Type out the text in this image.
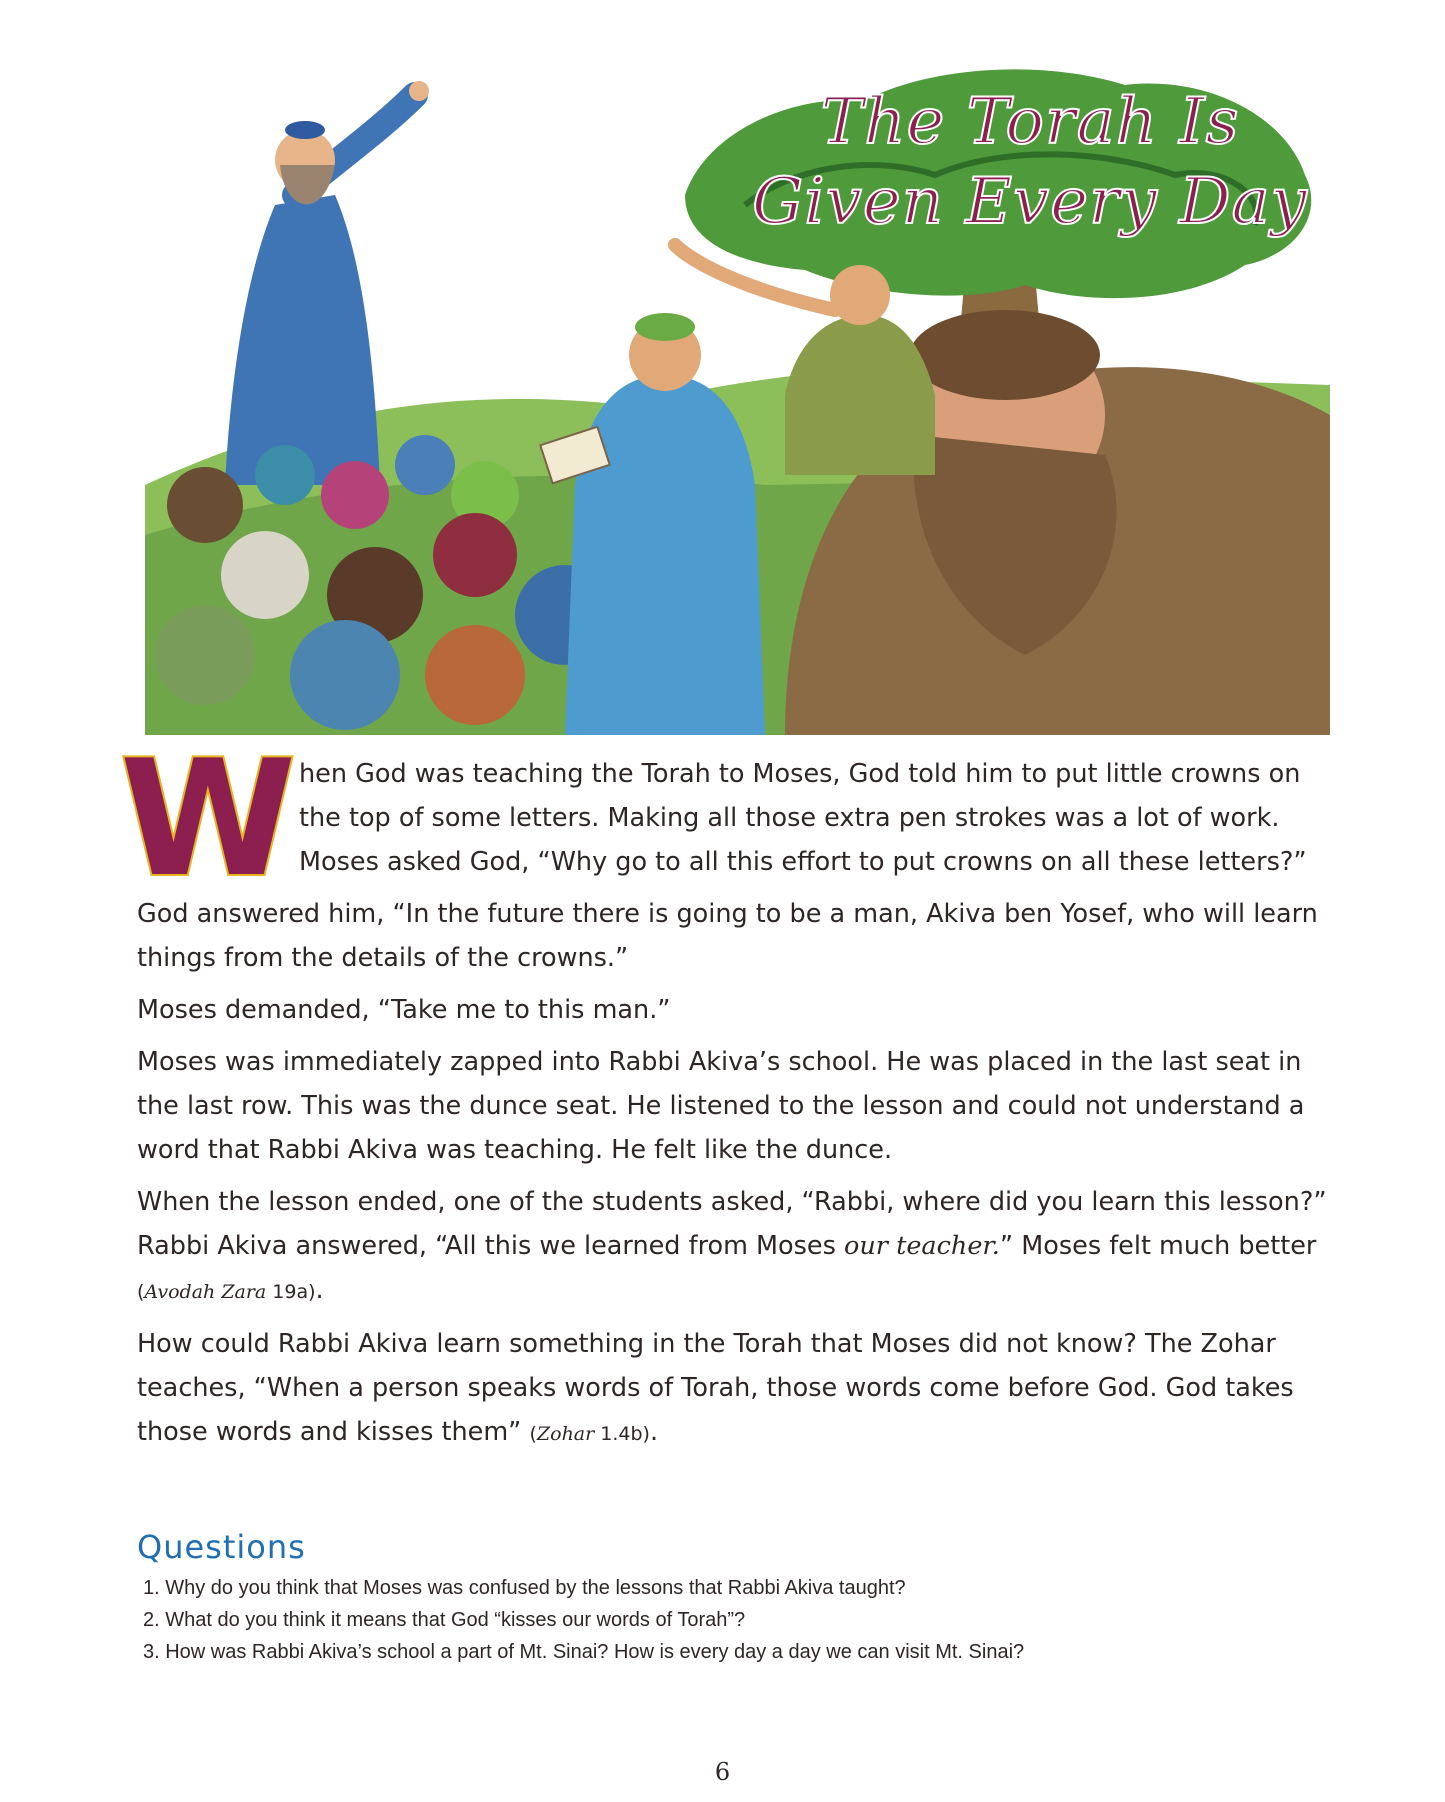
The Torah Is
Given Every Day

W hen God was teaching the Torah to Moses, God told him to put little crowns on the top of some letters. Making all those extra pen strokes was a lot of work. Moses asked God, “Why go to all this effort to put crowns on all these letters?”

God answered him, “In the future there is going to be a man, Akiva ben Yosef, who will learn things from the details of the crowns.”

Moses demanded, “Take me to this man.”

Moses was immediately zapped into Rabbi Akiva’s school. He was placed in the last seat in the last row. This was the dunce seat. He listened to the lesson and could not understand a word that Rabbi Akiva was teaching. He felt like the dunce.

When the lesson ended, one of the students asked, “Rabbi, where did you learn this lesson?” Rabbi Akiva answered, “All this we learned from Moses our teacher.” Moses felt much better (Avodah Zara 19a).

How could Rabbi Akiva learn something in the Torah that Moses did not know? The Zohar teaches, “When a person speaks words of Torah, those words come before God. God takes those words and kisses them” (Zohar 1.4b).

Questions
1. Why do you think that Moses was confused by the lessons that Rabbi Akiva taught?
2. What do you think it means that God “kisses our words of Torah”?
3. How was Rabbi Akiva’s school a part of Mt. Sinai? How is every day a day we can visit Mt. Sinai?
6
